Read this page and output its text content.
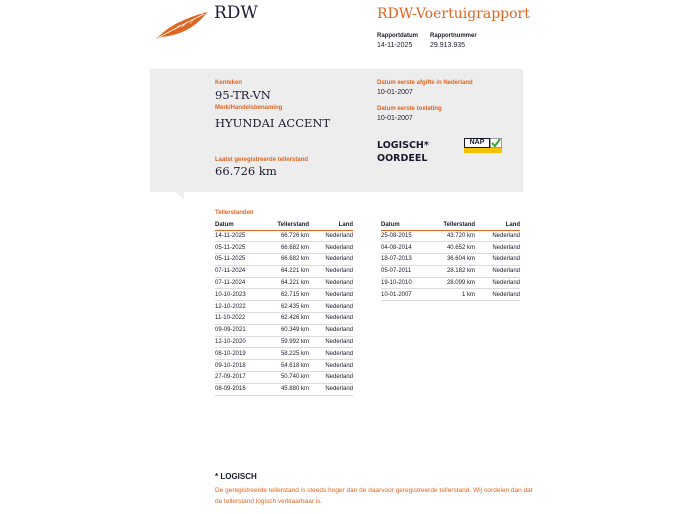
RDW	RDW-Voertuigrapport
Rapportdatum Rapportnummer
14-11-2025	29.913.935
Kenteken
95-TR-VN
Merk/Handelsbenaming
HYUNDAI ACCENT
Laatst geregistreerde tellerstand
66.726 km
Datum eerste afgifte in Nederland
10-01-2007
Datum eerste toelating
10-01-2007
LOGISCH*
OORDEEL
NAP
Tellerstanden
Datum	Tellerstand	Land
14-11-2025	66.726 km	Nederland
05-11-2025	66.682 km	Nederland
05-11-2025	66.682 km	Nederland
07-11-2024	64.221 km	Nederland
07-11-2024	64.221 km	Nederland
10-10-2023	62.715 km	Nederland
12-10-2022	62.435 km	Nederland
11-10-2022	62.426 km	Nederland
09-09-2021	60.349 km	Nederland
12-10-2020	59.992 km	Nederland
08-10-2019	58.225 km	Nederland
09-10-2018	54.618 km	Nederland
27-09-2017	50.740 km	Nederland
08-09-2016	45.880 km	Nederland
Datum	Tellerstand	Land
25-08-2015	43.720 km	Nederland
04-08-2014	40.652 km	Nederland
18-07-2013	36.604 km	Nederland
05-07-2011	28.182 km	Nederland
19-10-2010	28.099 km	Nederland
10-01-2007	1 km	Nederland
* LOGISCH
De geregistreerde tellerstand is steeds hoger dan de daarvoor geregistreerde tellerstand. Wij oordelen dan dat de tellerstand logisch verklaarbaar is.
